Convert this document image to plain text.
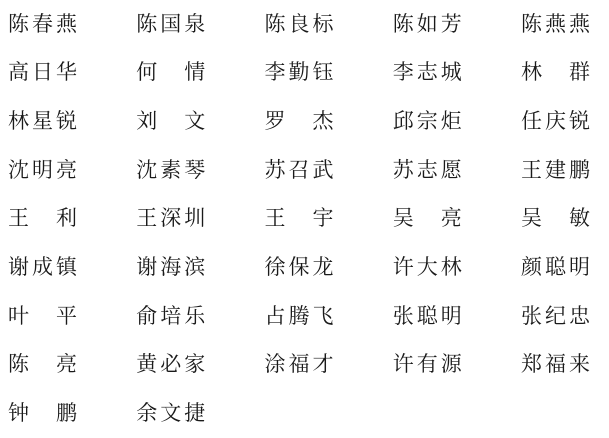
陈春燕	陈国泉	陈良标	陈如芳	陈燕燕
高日华	何　情	李勤钰	李志城	林　群
林星锐	刘　文	罗　杰	邱宗炬	任庆锐
沈明亮	沈素琴	苏召武	苏志愿	王建鹏
王　利	王深圳	王　宇	吴　亮	吴　敏
谢成镇	谢海滨	徐保龙	许大林	颜聪明
叶　平	俞培乐	占腾飞	张聪明	张纪忠
陈　亮	黄必家	涂福才	许有源	郑福来
钟　鹏	余文捷
